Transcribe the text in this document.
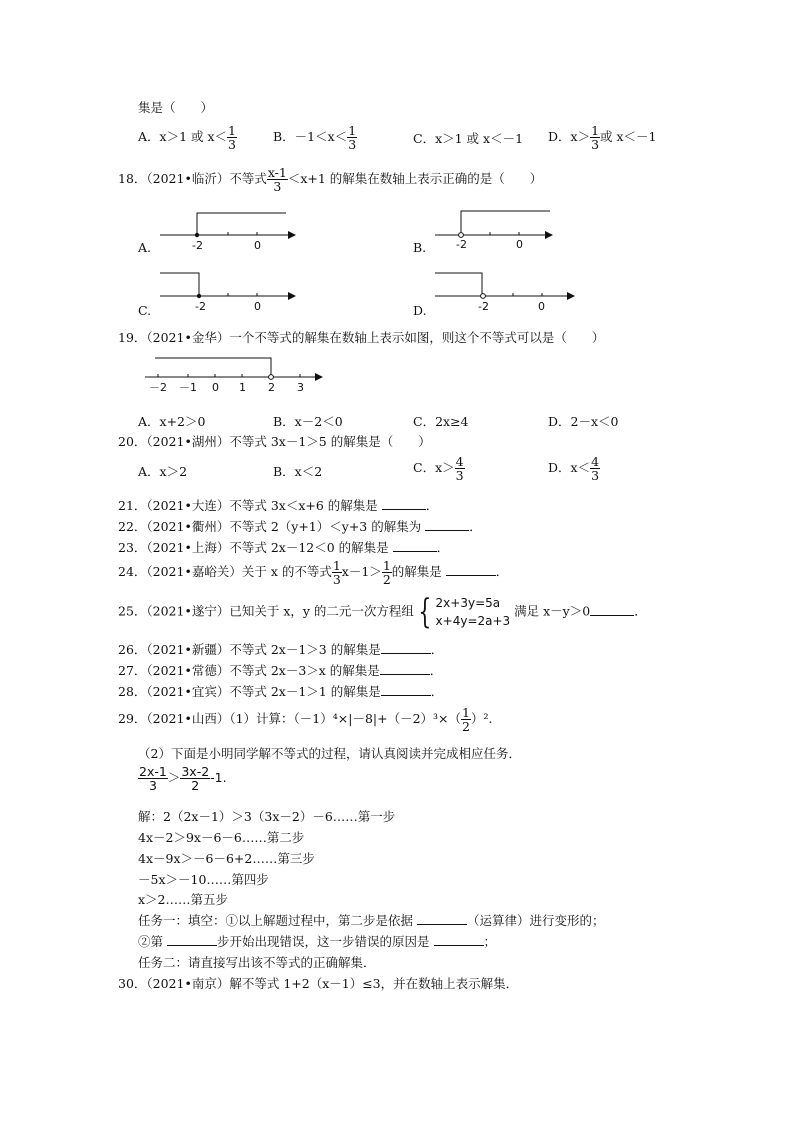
集是（　　）
A．x＞1 或 $x< \frac{1}{3}$	B．$-1<x< \frac{1}{3}$	C．x＞1 或 x＜－1 D．$x> \frac{1}{3}$ 或 x＜－1
18．（2021•临沂）不等式 $\frac{x-1}{3} <x+1$ 的解集在数轴上表示正确的是（　　）
A.	B.
C.	D.
-2	0	-2	0
-2	0	-2	0
19．（2021•金华）一个不等式的解集在数轴上表示如图，则这个不等式可以是（　　）
－2 －1 0 1 2 3
A．x+2＞0	B．x－2＜0	C．2x≥4	D．2－x＜0
20．（2021•湖州）不等式 3x－1＞5 的解集是（　　）
A．x＞2	B．x＜2	C．$x> \frac{4}{3}$	D．$x< \frac{4}{3}$
21．（2021•大连）不等式 3x＜x+6 的解集是	．
22．（2021•衢州）不等式 2（y+1）＜y+3 的解集为	．
23．（2021•上海）不等式 2x－12＜0 的解集是	．
24．（2021•嘉峪关）关于 x 的不等式 $\frac{1}{3} x-1> \frac{1}{2}$ 的解集是	．
25．（2021•遂宁）已知关于 x，y 的二元一次方程组 { 2x+3y=5a
x+4y=2a+3
满足 x－y＞0	．
26．（2021•新疆）不等式 2x－1＞3 的解集是	．
27．（2021•常德）不等式 2x－3＞x 的解集是	．
28．（2021•宜宾）不等式 2x－1＞1 的解集是	．
29．（2021•山西）（1）计算：$(-1)^4\times|-8|+(-2)^3\times( \frac{1}{2} )^2$.
（2）下面是小明同学解不等式的过程，请认真阅读并完成相应任务．
$\frac{2x-1}{3} > \frac{3x-2}{2} -1$.
解：2（2x－1）＞3（3x－2）－6……第一步
4x－2＞9x－6－6……第二步
4x－9x＞－6－6+2……第三步
－5x＞－10……第四步
x＞2……第五步
任务一：填空：①以上解题过程中，第二步是依据	（运算律）进行变形的；
②第	步开始出现错误，这一步错误的原因是	；
任务二：请直接写出该不等式的正确解集．
30．（2021•南京）解不等式 1+2（x－1）≤3，并在数轴上表示解集．
